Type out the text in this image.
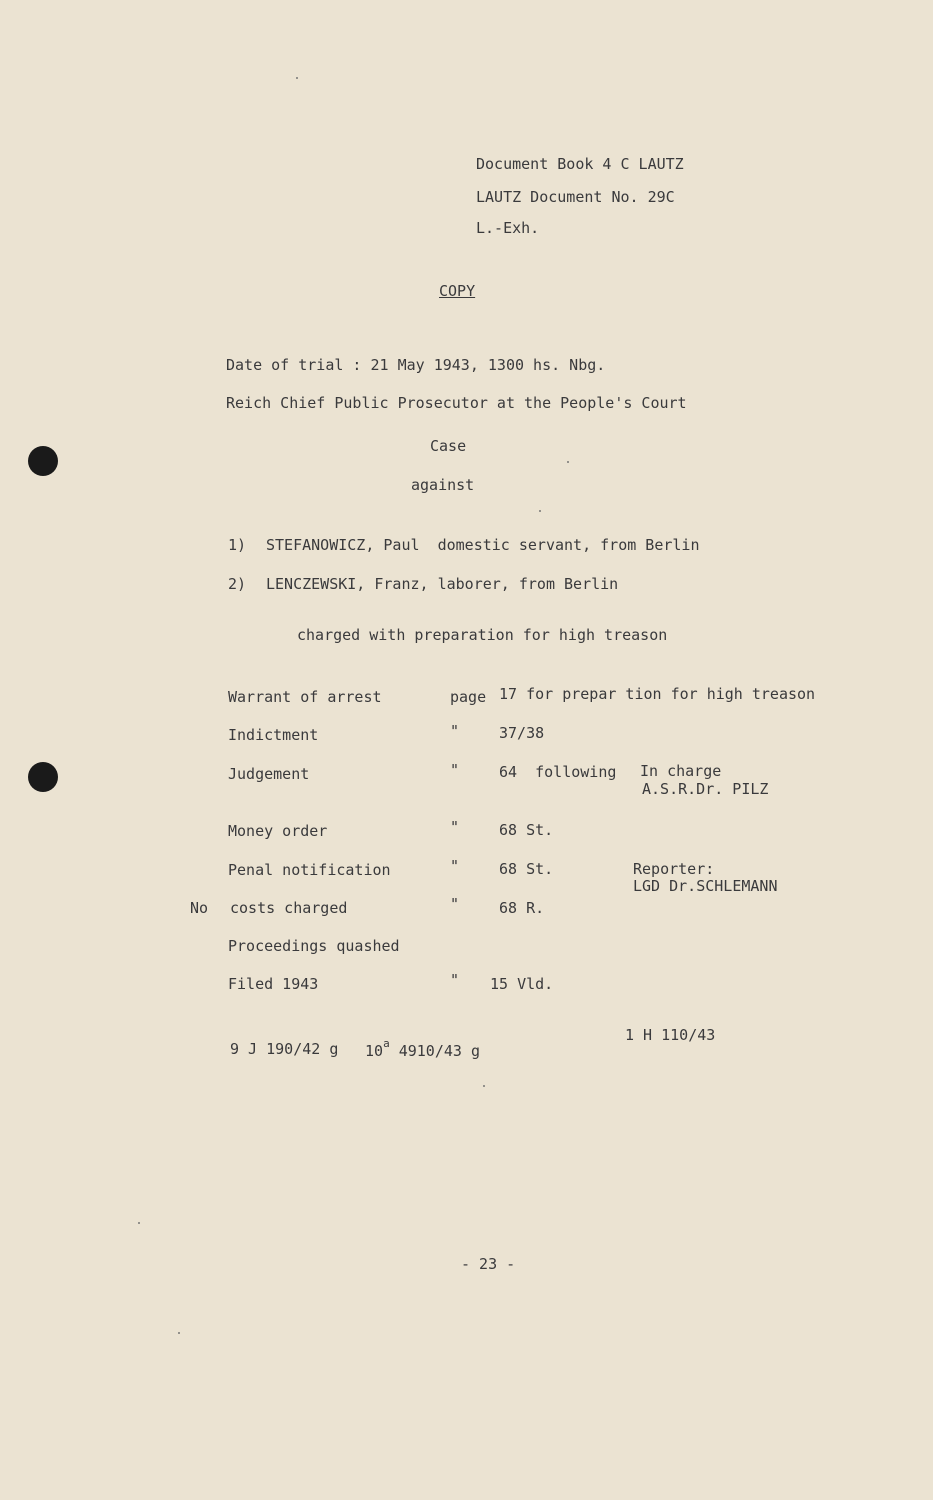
Document Book 4 C LAUTZ
LAUTZ Document No. 29C
L.-Exh.
COPY
Date of trial : 21 May 1943, 1300 hs. Nbg.
Reich Chief Public Prosecutor at the People's Court
Case
against
1) STEFANOWICZ, Paul  domestic servant, from Berlin
2) LENCZEWSKI, Franz, laborer, from Berlin
charged with preparation for high treason
Warrant of arrest	page 17 for prepar tion for high treason
Indictment	"	37/38
Judgement	"	64  following In charge
A.S.R.Dr. PILZ
Money order	"	68 St.
Penal notification	"	68 St.	Reporter:
LGD Dr.SCHLEMANN
No costs charged	"	68 R.
Proceedings quashed
Filed 1943	" 15 Vld.
9 J 190/42 g 10$^a$ 4910/43 g
1 H 110/43
- 23 -
